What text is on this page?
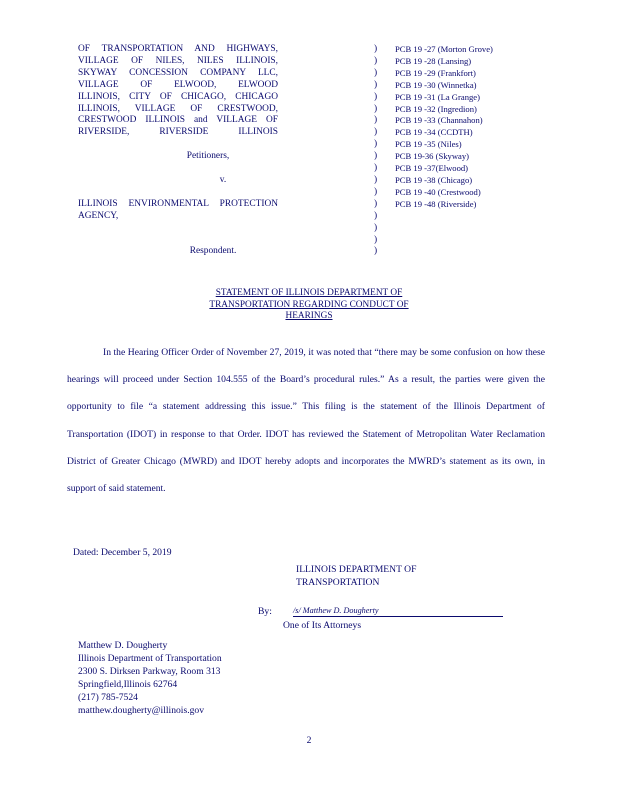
OF TRANSPORTATION AND HIGHWAYS,
VILLAGE OF NILES, NILES ILLINOIS,
SKYWAY CONCESSION COMPANY LLC,
VILLAGE OF ELWOOD, ELWOOD
ILLINOIS, CITY OF CHICAGO, CHICAGO
ILLINOIS, VILLAGE OF CRESTWOOD,
CRESTWOOD ILLINOIS and VILLAGE OF
RIVERSIDE, RIVERSIDE ILLINOIS
Petitioners,
v.
ILLINOIS ENVIRONMENTAL PROTECTION
AGENCY,
Respondent.
)
)
)
)
)
)
)
)
)
)
)
)
)
)
)
)
)
)
PCB 19 -27 (Morton Grove)
PCB 19 -28 (Lansing)
PCB 19 -29 (Frankfort)
PCB 19 -30 (Winnetka)
PCB 19 -31 (La Grange)
PCB 19 -32 (Ingredion)
PCB 19 -33 (Channahon)
PCB 19 -34 (CCDTH)
PCB 19 -35 (Niles)
PCB 19-36 (Skyway)
PCB 19 -37(Elwood)
PCB 19 -38 (Chicago)
PCB 19 -40 (Crestwood)
PCB 19 -48 (Riverside)
STATEMENT OF ILLINOIS DEPARTMENT OF
TRANSPORTATION REGARDING CONDUCT OF
HEARINGS

In the Hearing Officer Order of November 27, 2019, it was noted that “there may be some confusion on how these hearings will proceed under Section 104.555 of the Board’s procedural rules.” As a result, the parties were given the opportunity to file “a statement addressing this issue.” This filing is the statement of the Illinois Department of Transportation (IDOT) in response to that Order. IDOT has reviewed the Statement of Metropolitan Water Reclamation District of Greater Chicago (MWRD) and IDOT hereby adopts and incorporates the MWRD’s statement as its own, in support of said statement.

Dated: December 5, 2019
ILLINOIS DEPARTMENT OF
TRANSPORTATION
By:	/s/ Matthew D. Dougherty
One of Its Attorneys
Matthew D. Dougherty
Illinois Department of Transportation
2300 S. Dirksen Parkway, Room 313
Springfield,Illinois 62764
(217) 785-7524
matthew.dougherty@illinois.gov
2
